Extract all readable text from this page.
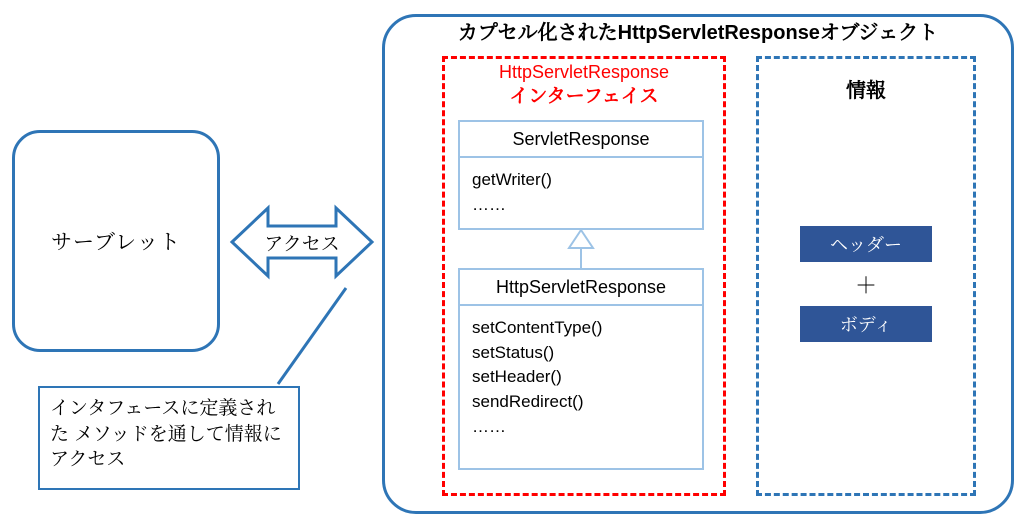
サーブレット	アクセス
インタフェースに定義された メソッドを通して情報にアクセス
カプセル化されたHttpServletResponseオブジェクト
HttpServletResponse
インターフェイス
ServletResponse
getWriter()
……
HttpServletResponse
setContentType()
setStatus()
setHeader()
sendRedirect()
……
情報
ヘッダー
＋
ボディ
